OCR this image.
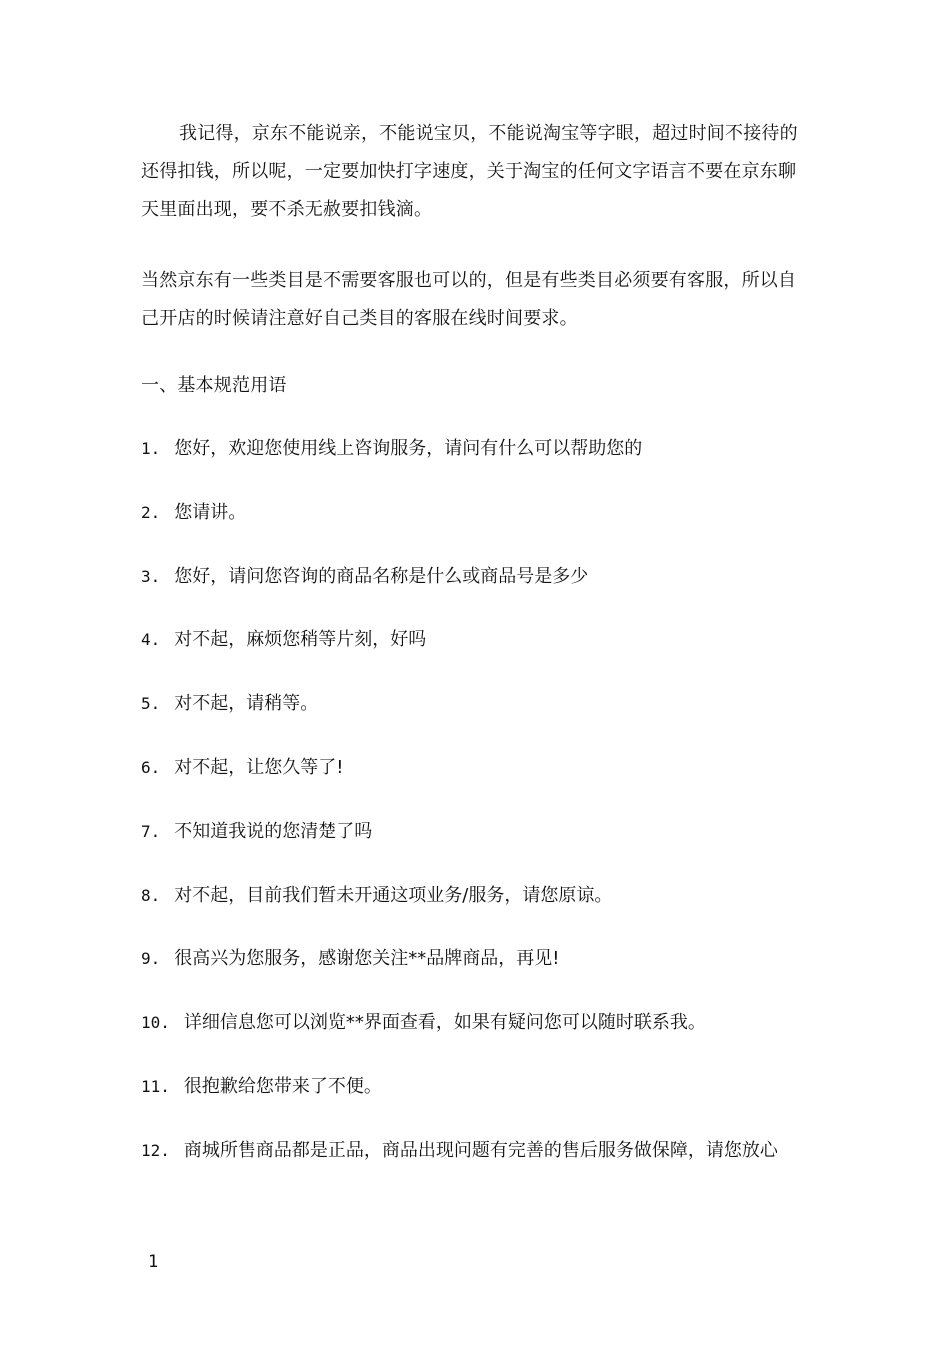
我记得，京东不能说亲，不能说宝贝，不能说淘宝等字眼，超过时间不接待的还得扣钱，所以呢，一定要加快打字速度，关于淘宝的任何文字语言不要在京东聊天里面出现，要不杀无赦要扣钱滴。
当然京东有一些类目是不需要客服也可以的，但是有些类目必须要有客服，所以自己开店的时候请注意好自己类目的客服在线时间要求。
一、基本规范用语
1. 您好，欢迎您使用线上咨询服务，请问有什么可以帮助您的
2. 您请讲。
3. 您好，请问您咨询的商品名称是什么或商品号是多少
4. 对不起，麻烦您稍等片刻，好吗
5. 对不起，请稍等。
6. 对不起，让您久等了!
7. 不知道我说的您清楚了吗
8. 对不起，目前我们暂未开通这项业务/服务，请您原谅。
9. 很高兴为您服务，感谢您关注**品牌商品，再见!
10. 详细信息您可以浏览**界面查看，如果有疑问您可以随时联系我。
11. 很抱歉给您带来了不便。
12. 商城所售商品都是正品，商品出现问题有完善的售后服务做保障，请您放心
1
